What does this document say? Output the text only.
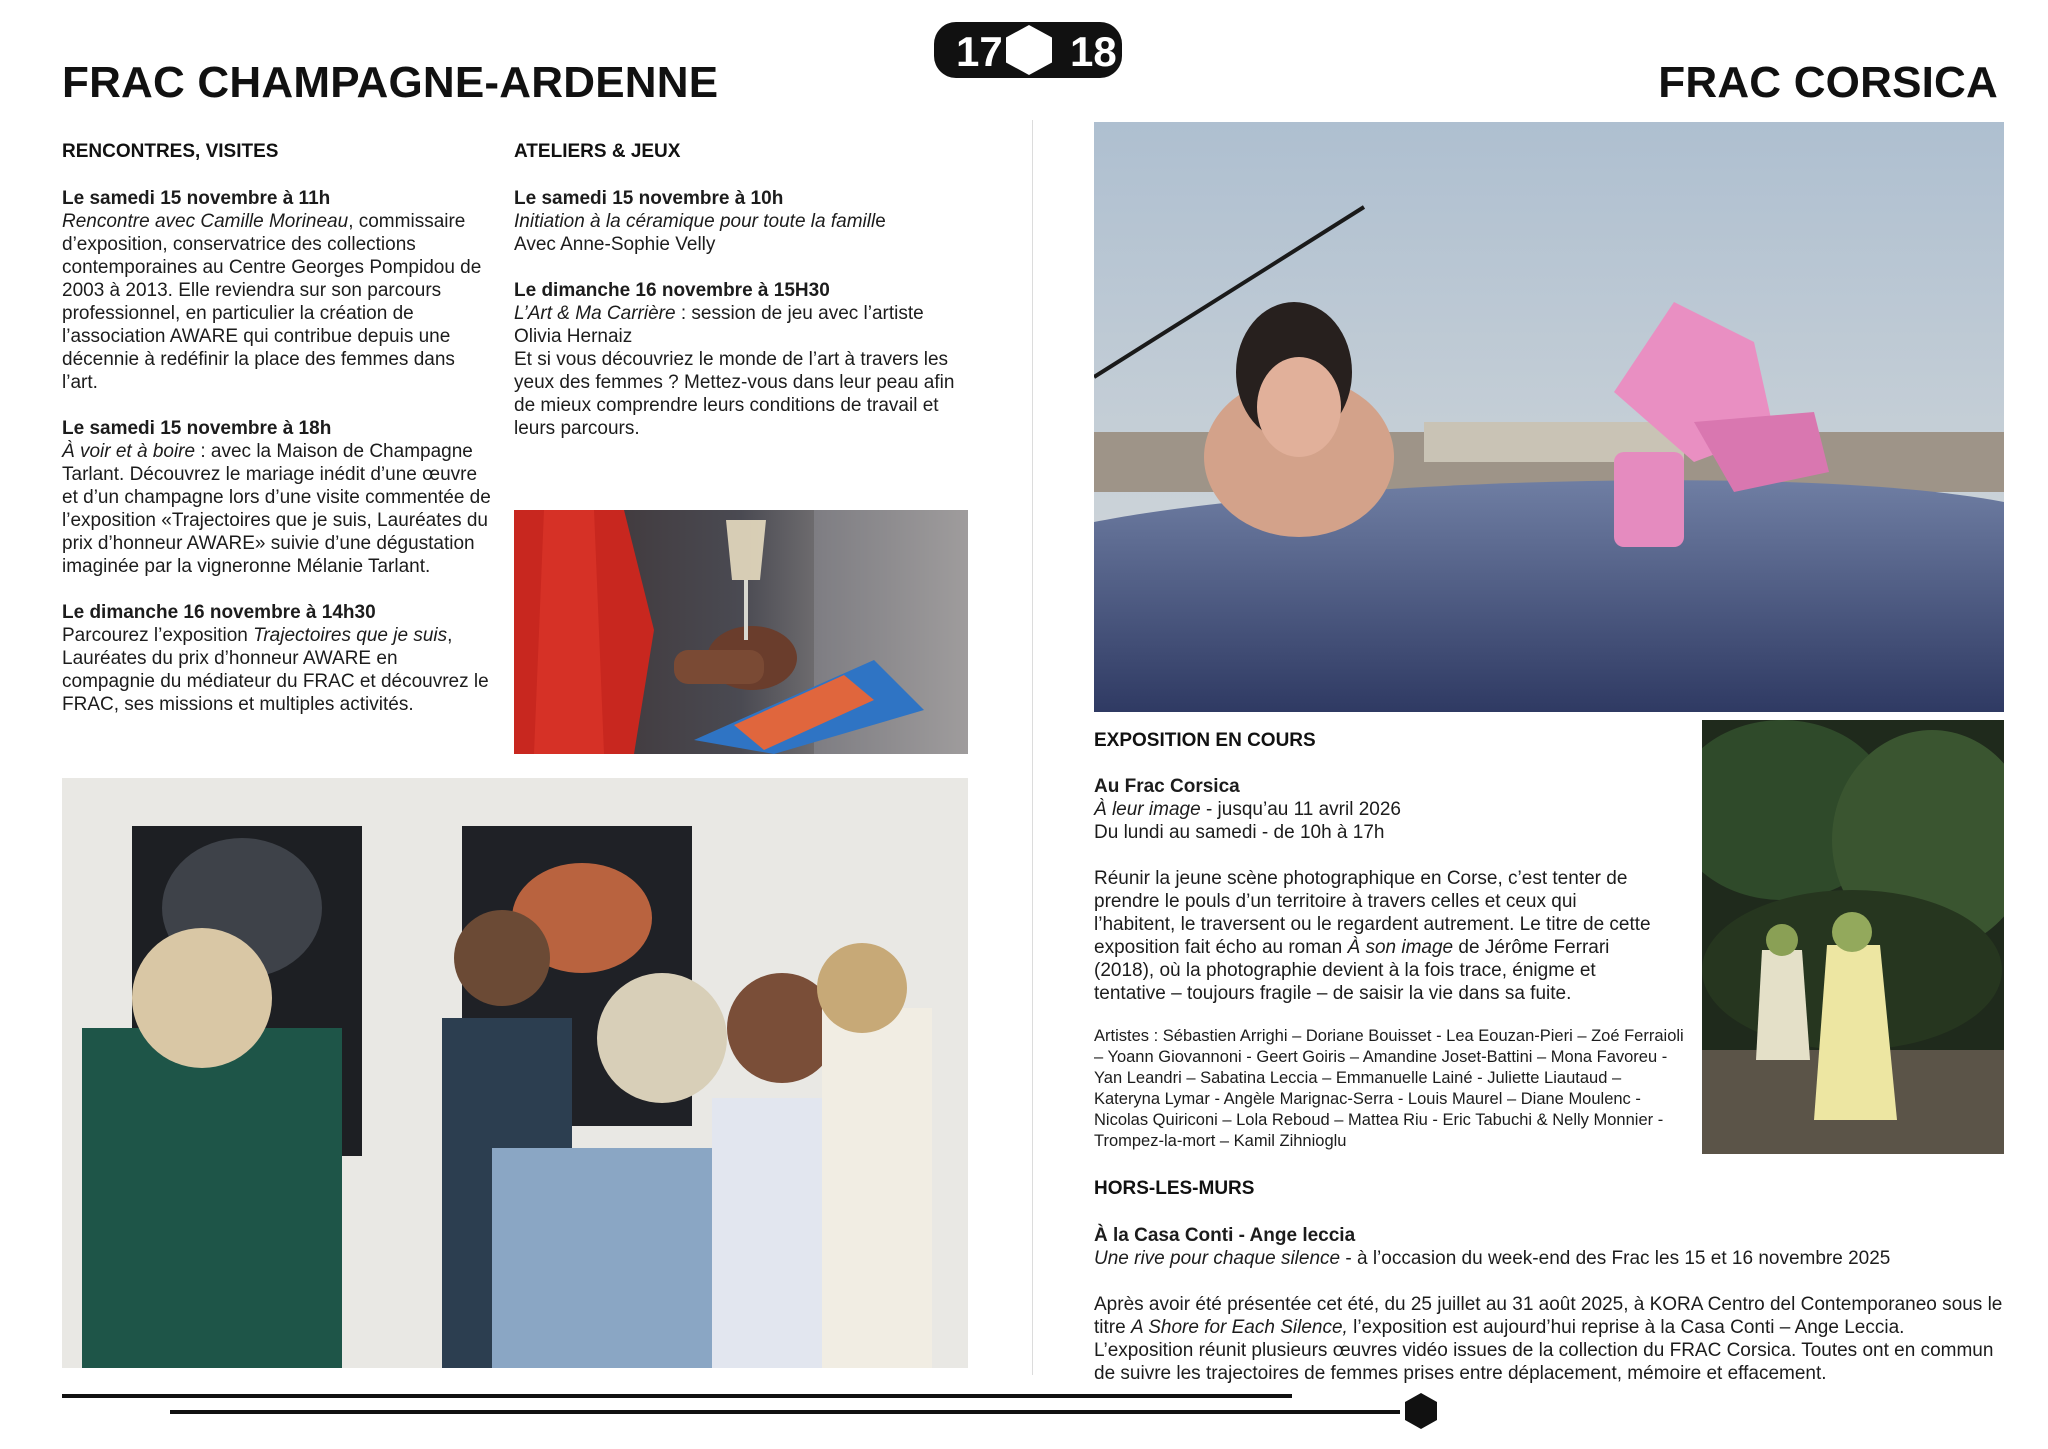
17 18
FRAC CHAMPAGNE-ARDENNE
RENCONTRES, VISITES

Le samedi 15 novembre à 11h
Rencontre avec Camille Morineau, commissaire d’exposition, conservatrice des collections contemporaines au Centre Georges Pompidou de 2003 à 2013. Elle reviendra sur son parcours professionnel, en particulier la création de l’association AWARE qui contribue depuis une décennie à redéfinir la place des femmes dans l’art.

Le samedi 15 novembre à 18h
À voir et à boire : avec la Maison de Champagne Tarlant. Découvrez le mariage inédit d’une œuvre et d’un champagne lors d’une visite commentée de l’exposition «Trajectoires que je suis, Lauréates du prix d’honneur AWARE» suivie d’une dégustation imaginée par la vigneronne Mélanie Tarlant.

Le dimanche 16 novembre à 14h30
Parcourez l’exposition Trajectoires que je suis, Lauréates du prix d’honneur AWARE en compagnie du médiateur du FRAC et découvrez le FRAC, ses missions et multiples activités.

ATELIERS & JEUX

Le samedi 15 novembre à 10h
Initiation à la céramique pour toute la famille
Avec Anne-Sophie Velly

Le dimanche 16 novembre à 15H30
L’Art & Ma Carrière : session de jeu avec l’artiste Olivia Hernaiz
Et si vous découvriez le monde de l’art à travers les yeux des femmes ? Mettez-vous dans leur peau afin de mieux comprendre leurs conditions de travail et leurs parcours.

FRAC CORSICA
EXPOSITION EN COURS

Au Frac Corsica
À leur image - jusqu’au 11 avril 2026
Du lundi au samedi - de 10h à 17h

Réunir la jeune scène photographique en Corse, c’est tenter de prendre le pouls d’un territoire à travers celles et ceux qui l’habitent, le traversent ou le regardent autrement. Le titre de cette exposition fait écho au roman À son image de Jérôme Ferrari (2018), où la photographie devient à la fois trace, énigme et tentative – toujours fragile – de saisir la vie dans sa fuite.

Artistes : Sébastien Arrighi – Doriane Bouisset - Lea Eouzan-Pieri – Zoé Ferraioli – Yoann Giovannoni - Geert Goiris – Amandine Joset-Battini – Mona Favoreu - Yan Leandri – Sabatina Leccia – Emmanuelle Lainé - Juliette Liautaud – Kateryna Lymar - Angèle Marignac-Serra - Louis Maurel – Diane Moulenc - Nicolas Quiriconi – Lola Reboud – Mattea Riu - Eric Tabuchi & Nelly Monnier - Trompez-la-mort – Kamil Zihnioglu
HORS-LES-MURS

À la Casa Conti - Ange leccia
Une rive pour chaque silence - à l’occasion du week-end des Frac les 15 et 16 novembre 2025

Après avoir été présentée cet été, du 25 juillet au 31 août 2025, à KORA Centro del Contemporaneo sous le titre A Shore for Each Silence, l’exposition est aujourd’hui reprise à la Casa Conti – Ange Leccia. L’exposition réunit plusieurs œuvres vidéo issues de la collection du FRAC Corsica. Toutes ont en commun de suivre les trajectoires de femmes prises entre déplacement, mémoire et effacement.
